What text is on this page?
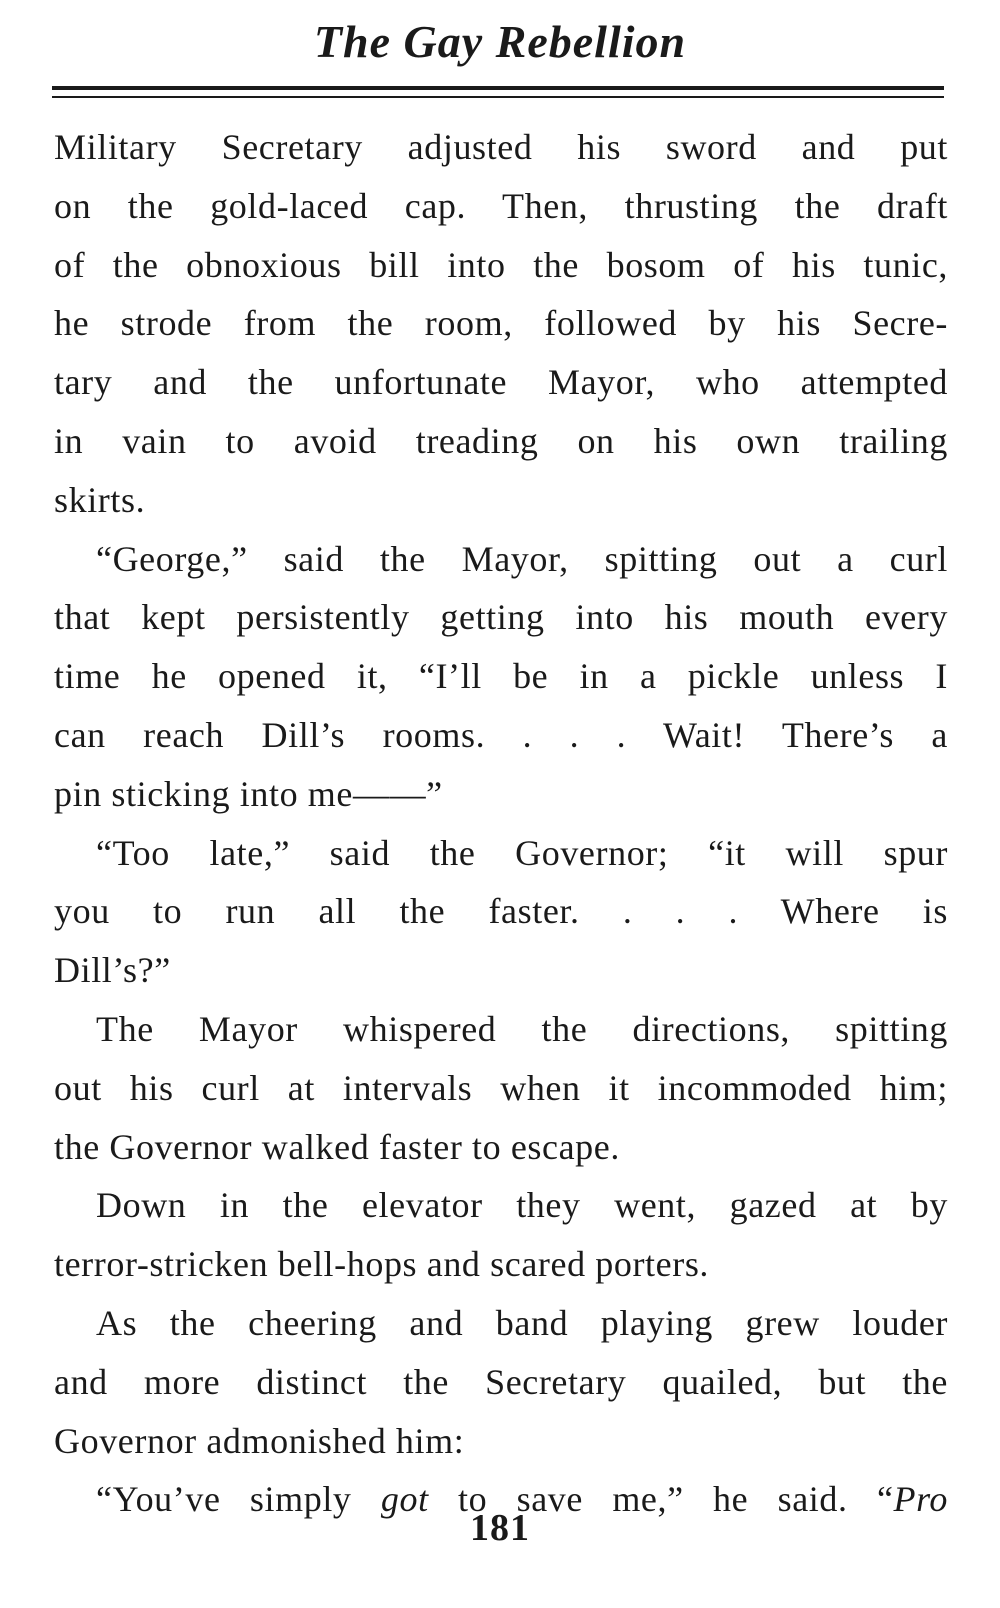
The Gay Rebellion
Military Secretary adjusted his sword and put
on the gold-laced cap. Then, thrusting the draft
of the obnoxious bill into the bosom of his tunic,
he strode from the room, followed by his Secre-
tary and the unfortunate Mayor, who attempted
in vain to avoid treading on his own trailing
skirts.
“George,” said the Mayor, spitting out a curl
that kept persistently getting into his mouth every
time he opened it, “I’ll be in a pickle unless I
can reach Dill’s rooms. . . . Wait! There’s a
pin sticking into me——”
“Too late,” said the Governor; “it will spur
you to run all the faster. . . . Where is
Dill’s?”
The Mayor whispered the directions, spitting
out his curl at intervals when it incommoded him;
the Governor walked faster to escape.
Down in the elevator they went, gazed at by
terror-stricken bell-hops and scared porters.
As the cheering and band playing grew louder
and more distinct the Secretary quailed, but the
Governor admonished him:
“You’ve simply got to save me,” he said. “Pro
181
